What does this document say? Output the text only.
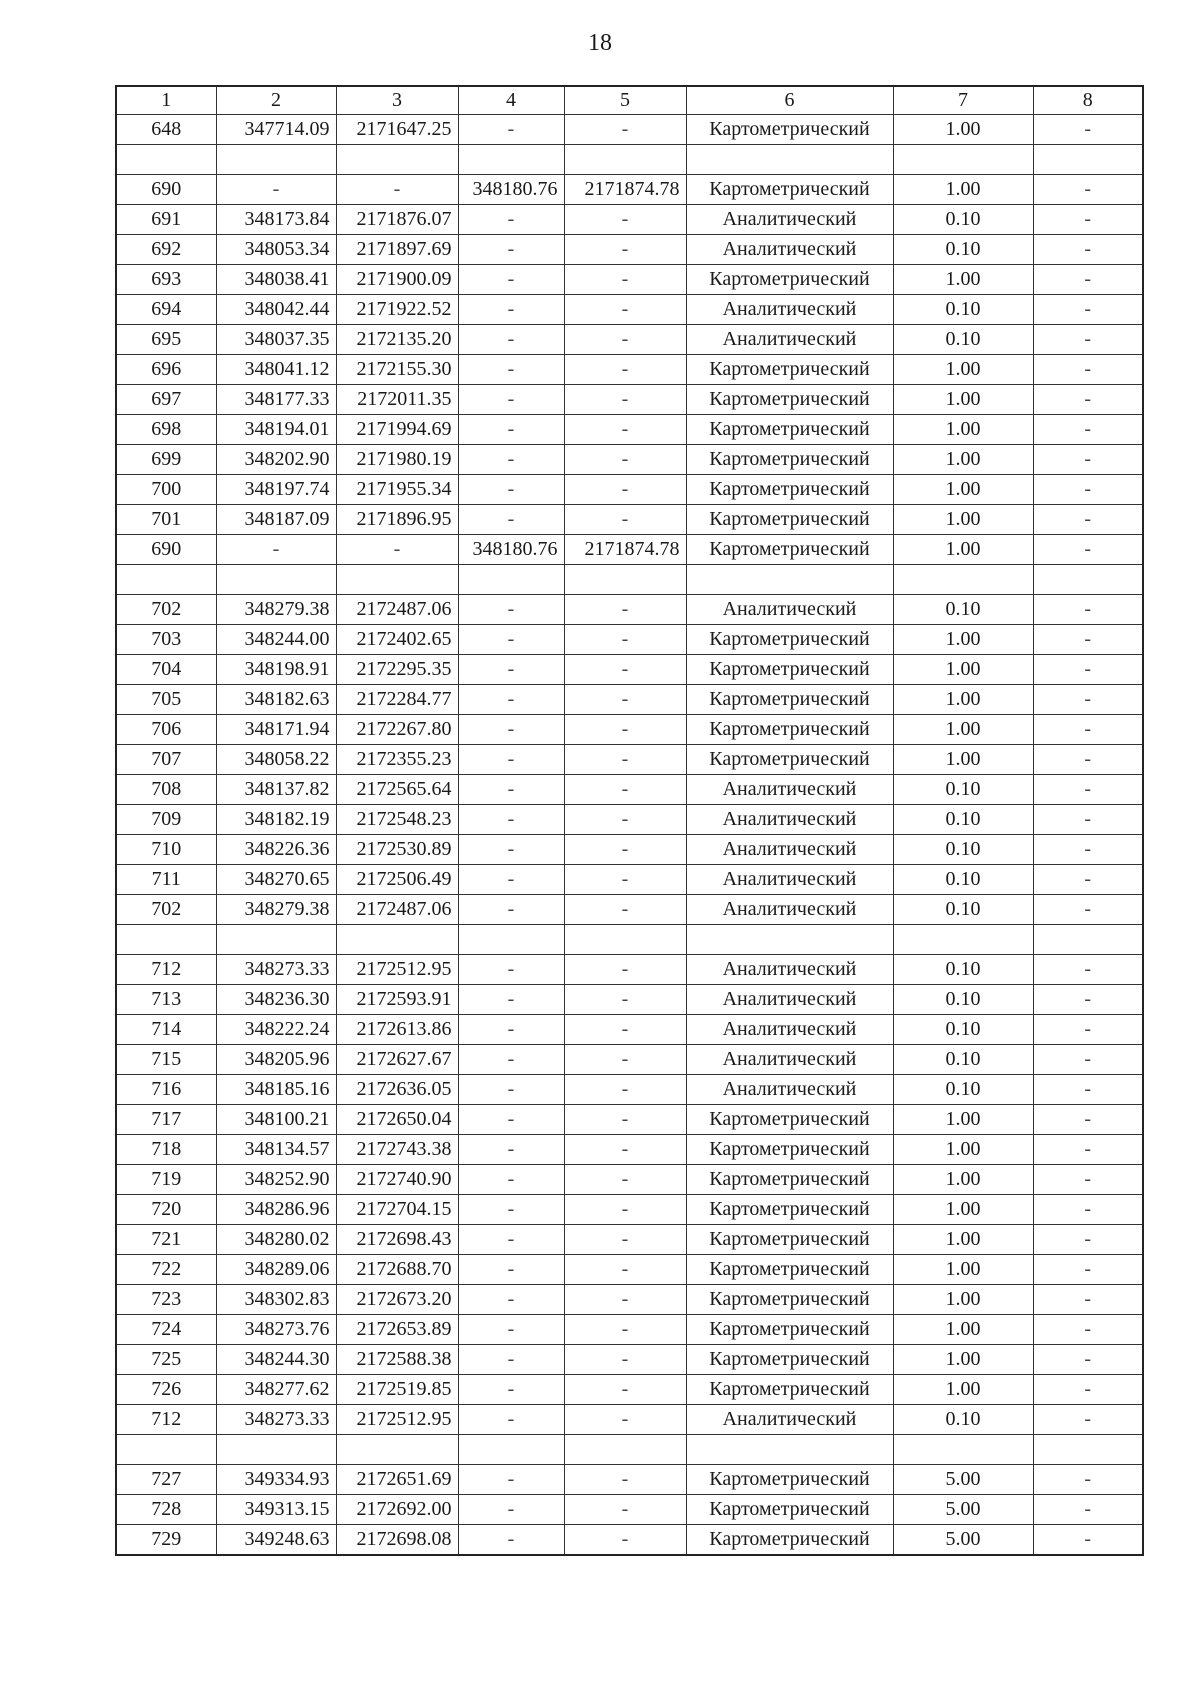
18
1	2	3	4	5	6	7	8
648	347714.09	2171647.25	-	-	Картометрический	1.00	-

690	-	-	348180.76	2171874.78	Картометрический	1.00	-
691	348173.84	2171876.07	-	-	Аналитический	0.10	-
692	348053.34	2171897.69	-	-	Аналитический	0.10	-
693	348038.41	2171900.09	-	-	Картометрический	1.00	-
694	348042.44	2171922.52	-	-	Аналитический	0.10	-
695	348037.35	2172135.20	-	-	Аналитический	0.10	-
696	348041.12	2172155.30	-	-	Картометрический	1.00	-
697	348177.33	2172011.35	-	-	Картометрический	1.00	-
698	348194.01	2171994.69	-	-	Картометрический	1.00	-
699	348202.90	2171980.19	-	-	Картометрический	1.00	-
700	348197.74	2171955.34	-	-	Картометрический	1.00	-
701	348187.09	2171896.95	-	-	Картометрический	1.00	-
690	-	-	348180.76	2171874.78	Картометрический	1.00	-

702	348279.38	2172487.06	-	-	Аналитический	0.10	-
703	348244.00	2172402.65	-	-	Картометрический	1.00	-
704	348198.91	2172295.35	-	-	Картометрический	1.00	-
705	348182.63	2172284.77	-	-	Картометрический	1.00	-
706	348171.94	2172267.80	-	-	Картометрический	1.00	-
707	348058.22	2172355.23	-	-	Картометрический	1.00	-
708	348137.82	2172565.64	-	-	Аналитический	0.10	-
709	348182.19	2172548.23	-	-	Аналитический	0.10	-
710	348226.36	2172530.89	-	-	Аналитический	0.10	-
711	348270.65	2172506.49	-	-	Аналитический	0.10	-
702	348279.38	2172487.06	-	-	Аналитический	0.10	-

712	348273.33	2172512.95	-	-	Аналитический	0.10	-
713	348236.30	2172593.91	-	-	Аналитический	0.10	-
714	348222.24	2172613.86	-	-	Аналитический	0.10	-
715	348205.96	2172627.67	-	-	Аналитический	0.10	-
716	348185.16	2172636.05	-	-	Аналитический	0.10	-
717	348100.21	2172650.04	-	-	Картометрический	1.00	-
718	348134.57	2172743.38	-	-	Картометрический	1.00	-
719	348252.90	2172740.90	-	-	Картометрический	1.00	-
720	348286.96	2172704.15	-	-	Картометрический	1.00	-
721	348280.02	2172698.43	-	-	Картометрический	1.00	-
722	348289.06	2172688.70	-	-	Картометрический	1.00	-
723	348302.83	2172673.20	-	-	Картометрический	1.00	-
724	348273.76	2172653.89	-	-	Картометрический	1.00	-
725	348244.30	2172588.38	-	-	Картометрический	1.00	-
726	348277.62	2172519.85	-	-	Картометрический	1.00	-
712	348273.33	2172512.95	-	-	Аналитический	0.10	-

727	349334.93	2172651.69	-	-	Картометрический	5.00	-
728	349313.15	2172692.00	-	-	Картометрический	5.00	-
729	349248.63	2172698.08	-	-	Картометрический	5.00	-
